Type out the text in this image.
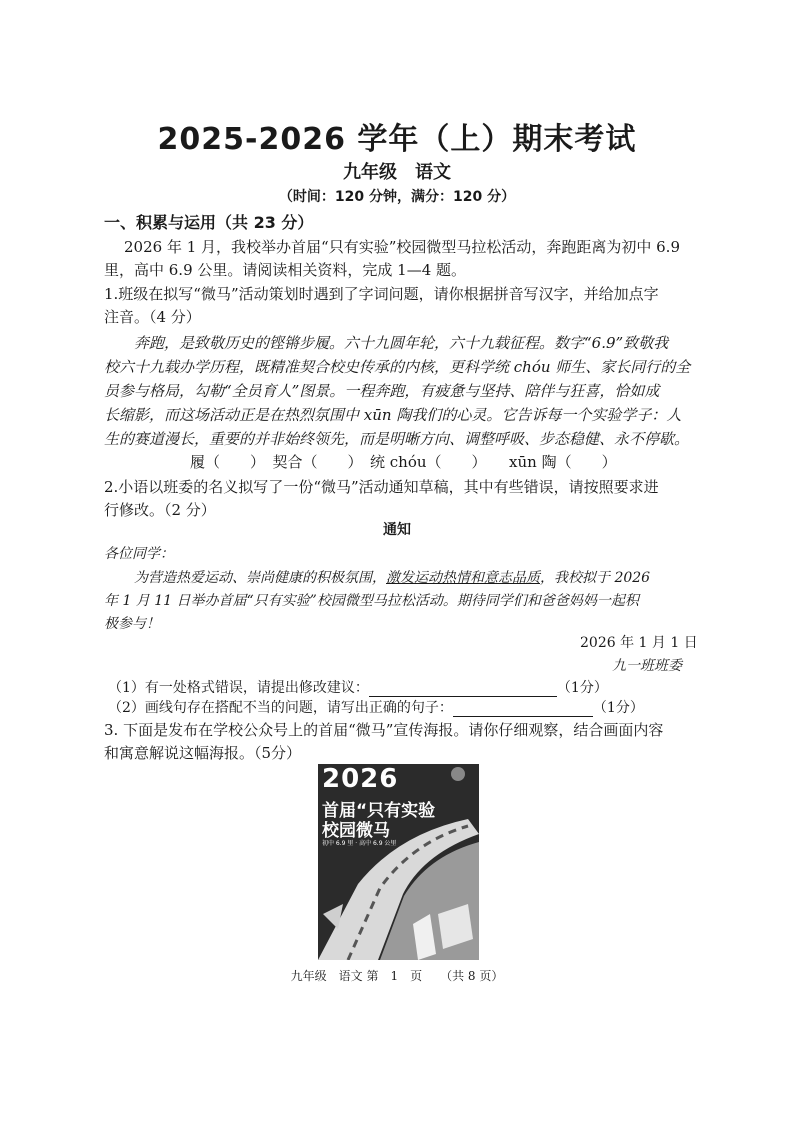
2025-2026 学年（上）期末考试
九年级　语文
（时间：120 分钟，满分：120 分）
一、积累与运用（共 23 分）
2026 年 1 月，我校举办首届“只有实验”校园微型马拉松活动，奔跑距离为初中 6.9
里，高中 6.9 公里。请阅读相关资料，完成 1—4 题。
1.班级在拟写“微马”活动策划时遇到了字词问题，请你根据拼音写汉字，并给加点字
注音。（4 分）
奔跑，是致敬历史的铿锵步履。六十九圆年轮，六十九载征程。数字“6.9”致敬我
校六十九载办学历程，既精准契合校史传承的内核，更科学统 chóu 师生、家长同行的全
员参与格局，勾勒“全员育人”图景。一程奔跑，有疲惫与坚持、陪伴与狂喜，恰如成
长缩影，而这场活动正是在热烈氛围中 xūn 陶我们的心灵。它告诉每一个实验学子：人
生的赛道漫长，重要的并非始终领先，而是明晰方向、调整呼吸、步态稳健、永不停歇。
履（　　）　契合（　　）　统 chóu（　　）　　xūn 陶（　　）
2.小语以班委的名义拟写了一份“微马”活动通知草稿，其中有些错误，请按照要求进
行修改。（2 分）
通知
各位同学：
为营造热爱运动、崇尚健康的积极氛围，激发运动热情和意志品质，我校拟于 2026
年 1 月 11 日举办首届“只有实验”校园微型马拉松活动。期待同学们和爸爸妈妈一起积
极参与！
2026 年 1 月 1 日
九一班班委
（1）有一处格式错误，请提出修改建议：	（1分）
（2）画线句存在搭配不当的问题，请写出正确的句子：	（1分）
3. 下面是发布在学校公众号上的首届“微马”宣传海报。请你仔细观察，结合画面内容
和寓意解说这幅海报。（5分）
2026
首届“只有实验
校园微马
初中 6.9 里 · 高中 6.9 公里
九年级　语文 第　1　页　　（共 8 页）
